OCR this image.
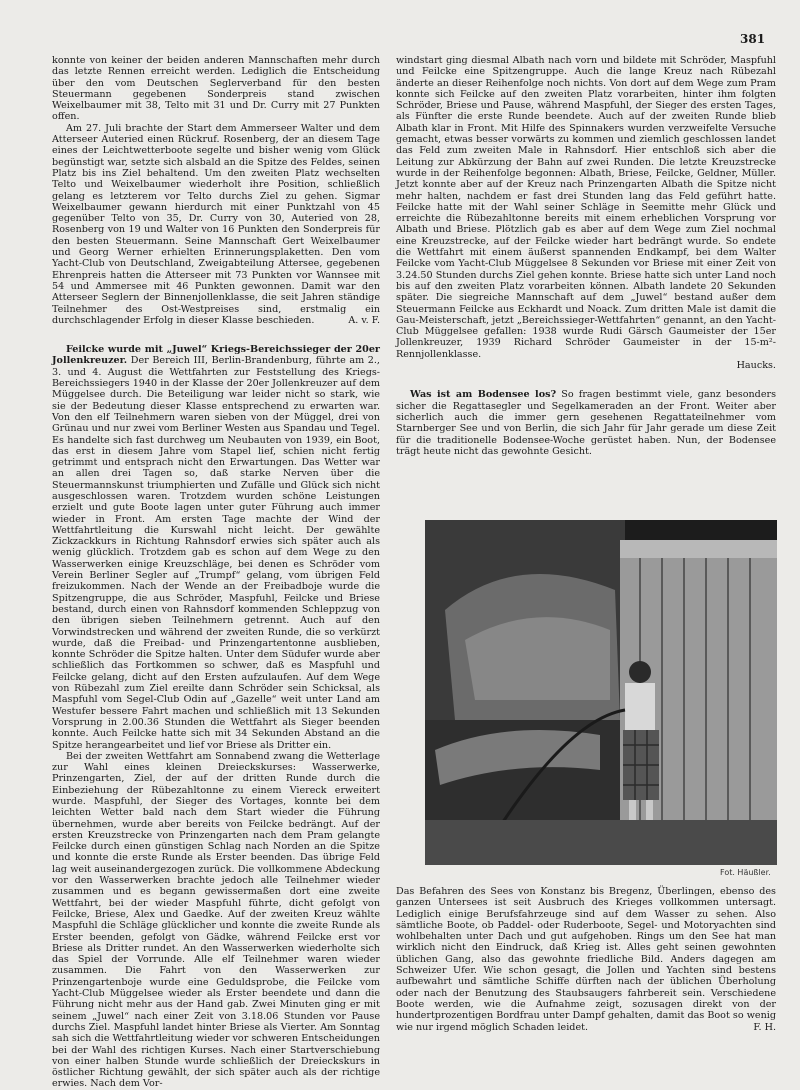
381

konnte von keiner der beiden anderen Mannschaften mehr durch das letzte Rennen erreicht werden. Lediglich die Entscheidung über den vom Deutschen Seglerverband für den besten Steuermann gegebenen Sonderpreis stand zwischen Weixelbaumer mit 38, Telto mit 31 und Dr. Curry mit 27 Punkten offen.

Am 27. Juli brachte der Start dem Ammerseer Walter und dem Atterseer Auteried einen Rückruf. Rosenberg, der an diesem Tage eines der Leichtwetterboote segelte und bisher wenig vom Glück begünstigt war, setzte sich alsbald an die Spitze des Feldes, seinen Platz bis ins Ziel behaltend. Um den zweiten Platz wechselten Telto und Weixelbaumer wiederholt ihre Position, schließlich gelang es letzterem vor Telto durchs Ziel zu gehen. Sigmar Weixelbaumer gewann hierdurch mit einer Punktzahl von 45 gegenüber Telto von 35, Dr. Curry von 30, Auteried von 28, Rosenberg von 19 und Walter von 16 Punkten den Sonderpreis für den besten Steuermann. Seine Mannschaft Gert Weixelbaumer und Georg Werner erhielten Erinnerungsplaketten. Den vom Yacht-Club von Deutschland, Zweigabteilung Attersee, gegebenen Ehrenpreis hatten die Atterseer mit 73 Punkten vor Wannsee mit 54 und Ammersee mit 46 Punkten gewonnen. Damit war den Atterseer Seglern der Binnenjollenklasse, die seit Jahren ständige Teilnehmer des Ost-Westpreises sind, erstmalig ein durchschlagender Erfolg in dieser Klasse beschieden.	A. v. F.

Feilcke wurde mit „Juwel“ Kriegs-Bereichssieger der 20er Jollenkreuzer. Der Bereich III, Berlin-Brandenburg, führte am 2., 3. und 4. August die Wettfahrten zur Feststellung des Kriegs-Bereichssiegers 1940 in der Klasse der 20er Jollenkreuzer auf dem Müggelsee durch. Die Beteiligung war leider nicht so stark, wie sie der Bedeutung dieser Klasse entsprechend zu erwarten war. Von den elf Teilnehmern waren sieben von der Müggel, drei von Grünau und nur zwei vom Berliner Westen aus Spandau und Tegel. Es handelte sich fast durchweg um Neubauten von 1939, ein Boot, das erst in diesem Jahre vom Stapel lief, schien nicht fertig getrimmt und entsprach nicht den Erwartungen. Das Wetter war an allen drei Tagen so, daß starke Nerven über die Steuermannskunst triumphierten und Zufälle und Glück sich nicht ausgeschlossen waren. Trotzdem wurden schöne Leistungen erzielt und gute Boote lagen unter guter Führung auch immer wieder in Front. Am ersten Tage machte der Wind der Wettfahrtleitung die Kurswahl nicht leicht. Der gewählte Zickzackkurs in Richtung Rahnsdorf erwies sich später auch als wenig glücklich. Trotzdem gab es schon auf dem Wege zu den Wasserwerken einige Kreuzschläge, bei denen es Schröder vom Verein Berliner Segler auf „Trumpf“ gelang, vom übrigen Feld freizukommen. Nach der Wende an der Freibadboje wurde die Spitzengruppe, die aus Schröder, Maspfuhl, Feilcke und Briese bestand, durch einen von Rahnsdorf kommenden Schleppzug von den übrigen sieben Teilnehmern getrennt. Auch auf den Vorwindstrecken und während der zweiten Runde, die so verkürzt wurde, daß die Freibad- und Prinzengartentonne ausblieben, konnte Schröder die Spitze halten. Unter dem Südufer wurde aber schließlich das Fortkommen so schwer, daß es Maspfuhl und Feilcke gelang, dicht auf den Ersten aufzulaufen. Auf dem Wege von Rübezahl zum Ziel ereilte dann Schröder sein Schicksal, als Maspfuhl vom Segel-Club Odin auf „Gazelle“ weit unter Land am Westufer bessere Fahrt machen und schließlich mit 13 Sekunden Vorsprung in 2.00.36 Stunden die Wettfahrt als Sieger beenden konnte. Auch Feilcke hatte sich mit 34 Sekunden Abstand an die Spitze herangearbeitet und lief vor Briese als Dritter ein.

Bei der zweiten Wettfahrt am Sonnabend zwang die Wetterlage zur Wahl eines kleinen Dreieckskurses: Wasserwerke, Prinzengarten, Ziel, der auf der dritten Runde durch die Einbeziehung der Rübezahltonne zu einem Viereck erweitert wurde. Maspfuhl, der Sieger des Vortages, konnte bei dem leichten Wetter bald nach dem Start wieder die Führung übernehmen, wurde aber bereits von Feilcke bedrängt. Auf der ersten Kreuzstrecke von Prinzengarten nach dem Pram gelangte Feilcke durch einen günstigen Schlag nach Norden an die Spitze und konnte die erste Runde als Erster beenden. Das übrige Feld lag weit auseinandergezogen zurück. Die vollkommene Abdeckung vor den Wasserwerken brachte jedoch alle Teilnehmer wieder zusammen und es begann gewissermaßen dort eine zweite Wettfahrt, bei der wieder Maspfuhl führte, dicht gefolgt von Feilcke, Briese, Alex und Gaedke. Auf der zweiten Kreuz wählte Maspfuhl die Schläge glücklicher und konnte die zweite Runde als Erster beenden, gefolgt von Gädke, während Feilcke erst vor Briese als Dritter rundet. An den Wasserwerken wiederholte sich das Spiel der Vorrunde. Alle elf Teilnehmer waren wieder zusammen. Die Fahrt von den Wasserwerken zur Prinzengartenboje wurde eine Geduldsprobe, die Feilcke vom Yacht-Club Müggelsee wieder als Erster beendete und dann die Führung nicht mehr aus der Hand gab. Zwei Minuten ging er mit seinem „Juwel“ nach einer Zeit von 3.18.06 Stunden vor Pause durchs Ziel. Maspfuhl landet hinter Briese als Vierter. Am Sonntag sah sich die Wettfahrtleitung wieder vor schweren Entscheidungen bei der Wahl des richtigen Kurses. Nach einer Startverschiebung von einer halben Stunde wurde schließlich der Dreieckskurs in östlicher Richtung gewählt, der sich später auch als der richtige erwies. Nach dem Vor-

windstart ging diesmal Albath nach vorn und bildete mit Schröder, Maspfuhl und Feilcke eine Spitzengruppe. Auch die lange Kreuz nach Rübezahl änderte an dieser Reihenfolge noch nichts. Von dort auf dem Wege zum Pram konnte sich Feilcke auf den zweiten Platz vorarbeiten, hinter ihm folgten Schröder, Briese und Pause, während Maspfuhl, der Sieger des ersten Tages, als Fünfter die erste Runde beendete. Auch auf der zweiten Runde blieb Albath klar in Front. Mit Hilfe des Spinnakers wurden verzweifelte Versuche gemacht, etwas besser vorwärts zu kommen und ziemlich geschlossen landet das Feld zum zweiten Male in Rahnsdorf. Hier entschloß sich aber die Leitung zur Abkürzung der Bahn auf zwei Runden. Die letzte Kreuzstrecke wurde in der Reihenfolge begonnen: Albath, Briese, Feilcke, Geldner, Müller. Jetzt konnte aber auf der Kreuz nach Prinzengarten Albath die Spitze nicht mehr halten, nachdem er fast drei Stunden lang das Feld geführt hatte. Feilcke hatte mit der Wahl seiner Schläge in Seemitte mehr Glück und erreichte die Rübezahltonne bereits mit einem erheblichen Vorsprung vor Albath und Briese. Plötzlich gab es aber auf dem Wege zum Ziel nochmal eine Kreuzstrecke, auf der Feilcke wieder hart bedrängt wurde. So endete die Wettfahrt mit einem äußerst spannenden Endkampf, bei dem Walter Feilcke vom Yacht-Club Müggelsee 8 Sekunden vor Briese mit einer Zeit von 3.24.50 Stunden durchs Ziel gehen konnte. Briese hatte sich unter Land noch bis auf den zweiten Platz vorarbeiten können. Albath landete 20 Sekunden später. Die siegreiche Mannschaft auf dem „Juwel“ bestand außer dem Steuermann Feilcke aus Eckhardt und Noack. Zum dritten Male ist damit die Gau-Meisterschaft, jetzt „Bereichssieger-Wettfahrten“ genannt, an den Yacht-Club Müggelsee gefallen: 1938 wurde Rudi Gärsch Gaumeister der 15er Jollenkreuzer, 1939 Richard Schröder Gaumeister in der 15-m²-Rennjollenklasse.

Haucks.

Was ist am Bodensee los? So fragen bestimmt viele, ganz besonders sicher die Regattasegler und Segelkameraden an der Front. Weiter aber sicherlich auch die immer gern gesehenen Regattateilnehmer vom Starnberger See und von Berlin, die sich Jahr für Jahr gerade um diese Zeit für die traditionelle Bodensee-Woche gerüstet haben. Nun, der Bodensee trägt heute nicht das gewohnte Gesicht.

Fot. Häußler.

Das Befahren des Sees von Konstanz bis Bregenz, Überlingen, ebenso des ganzen Untersees ist seit Ausbruch des Krieges vollkommen untersagt. Lediglich einige Berufsfahrzeuge sind auf dem Wasser zu sehen. Also sämtliche Boote, ob Paddel- oder Ruderboote, Segel- und Motoryachten sind wohlbehalten unter Dach und gut aufgehoben. Rings um den See hat man wirklich nicht den Eindruck, daß Krieg ist. Alles geht seinen gewohnten üblichen Gang, also das gewohnte friedliche Bild. Anders dagegen am Schweizer Ufer. Wie schon gesagt, die Jollen und Yachten sind bestens aufbewahrt und sämtliche Schiffe dürften nach der üblichen Überholung oder nach der Benutzung des Staubsaugers fahrbereit sein. Verschiedene Boote werden, wie die Aufnahme zeigt, sozusagen direkt von der hundertprozentigen Bordfrau unter Dampf gehalten, damit das Boot so wenig wie nur irgend möglich Schaden leidet.	F. H.
